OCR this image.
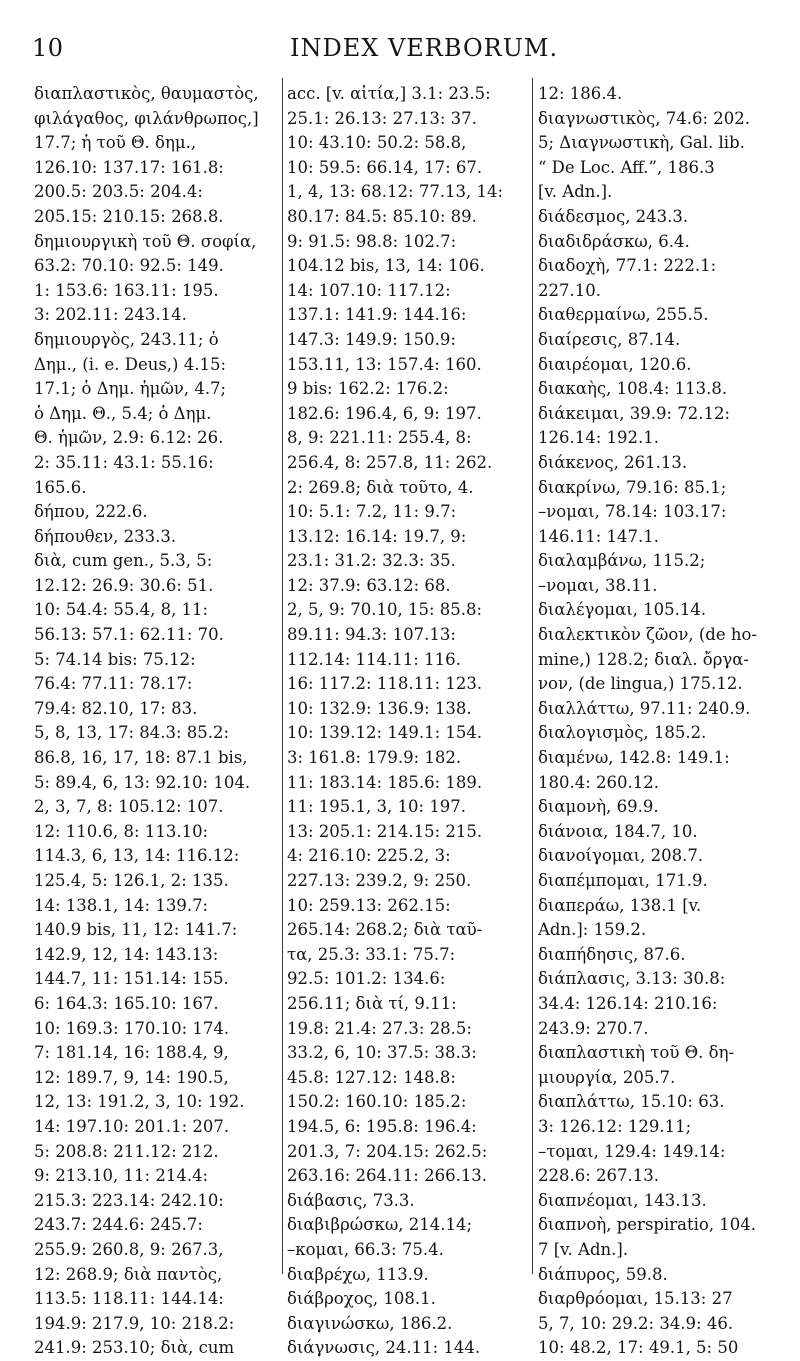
10	INDEX VERBORUM.
διαπλαστικὸς, θαυμαστὸς,
φιλάγαθος, φιλάνθρωπος,]
17.7; ἡ τοῦ Θ. δημ.,
126.10: 137.17: 161.8:
200.5: 203.5: 204.4:
205.15: 210.15: 268.8.
δημιουργικὴ τοῦ Θ. σοφία,
63.2: 70.10: 92.5: 149.
1: 153.6: 163.11: 195.
3: 202.11: 243.14.
δημιουργὸς, 243.11; ὁ
Δημ., (i. e. Deus,) 4.15:
17.1; ὁ Δημ. ἡμῶν, 4.7;
ὁ Δημ. Θ., 5.4; ὁ Δημ.
Θ. ἡμῶν, 2.9: 6.12: 26.
2: 35.11: 43.1: 55.16:
165.6.
δήπου, 222.6.
δήπουθεν, 233.3.
διὰ, cum gen., 5.3, 5:
12.12: 26.9: 30.6: 51.
10: 54.4: 55.4, 8, 11:
56.13: 57.1: 62.11: 70.
5: 74.14 bis: 75.12:
76.4: 77.11: 78.17:
79.4: 82.10, 17: 83.
5, 8, 13, 17: 84.3: 85.2:
86.8, 16, 17, 18: 87.1 bis,
5: 89.4, 6, 13: 92.10: 104.
2, 3, 7, 8: 105.12: 107.
12: 110.6, 8: 113.10:
114.3, 6, 13, 14: 116.12:
125.4, 5: 126.1, 2: 135.
14: 138.1, 14: 139.7:
140.9 bis, 11, 12: 141.7:
142.9, 12, 14: 143.13:
144.7, 11: 151.14: 155.
6: 164.3: 165.10: 167.
10: 169.3: 170.10: 174.
7: 181.14, 16: 188.4, 9,
12: 189.7, 9, 14: 190.5,
12, 13: 191.2, 3, 10: 192.
14: 197.10: 201.1: 207.
5: 208.8: 211.12: 212.
9: 213.10, 11: 214.4:
215.3: 223.14: 242.10:
243.7: 244.6: 245.7:
255.9: 260.8, 9: 267.3,
12: 268.9; διὰ παντὸς,
113.5: 118.11: 144.14:
194.9: 217.9, 10: 218.2:
241.9: 253.10; διὰ, cum
acc. [v. αἰτία,] 3.1: 23.5:
25.1: 26.13: 27.13: 37.
10: 43.10: 50.2: 58.8,
10: 59.5: 66.14, 17: 67.
1, 4, 13: 68.12: 77.13, 14:
80.17: 84.5: 85.10: 89.
9: 91.5: 98.8: 102.7:
104.12 bis, 13, 14: 106.
14: 107.10: 117.12:
137.1: 141.9: 144.16:
147.3: 149.9: 150.9:
153.11, 13: 157.4: 160.
9 bis: 162.2: 176.2:
182.6: 196.4, 6, 9: 197.
8, 9: 221.11: 255.4, 8:
256.4, 8: 257.8, 11: 262.
2: 269.8; διὰ τοῦτο, 4.
10: 5.1: 7.2, 11: 9.7:
13.12: 16.14: 19.7, 9:
23.1: 31.2: 32.3: 35.
12: 37.9: 63.12: 68.
2, 5, 9: 70.10, 15: 85.8:
89.11: 94.3: 107.13:
112.14: 114.11: 116.
16: 117.2: 118.11: 123.
10: 132.9: 136.9: 138.
10: 139.12: 149.1: 154.
3: 161.8: 179.9: 182.
11: 183.14: 185.6: 189.
11: 195.1, 3, 10: 197.
13: 205.1: 214.15: 215.
4: 216.10: 225.2, 3:
227.13: 239.2, 9: 250.
10: 259.13: 262.15:
265.14: 268.2; διὰ ταῦ-
τα, 25.3: 33.1: 75.7:
92.5: 101.2: 134.6:
256.11; διὰ τί, 9.11:
19.8: 21.4: 27.3: 28.5:
33.2, 6, 10: 37.5: 38.3:
45.8: 127.12: 148.8:
150.2: 160.10: 185.2:
194.5, 6: 195.8: 196.4:
201.3, 7: 204.15: 262.5:
263.16: 264.11: 266.13.
διάβασις, 73.3.
διαβιβρώσκω, 214.14;
–κομαι, 66.3: 75.4.
διαβρέχω, 113.9.
διάβροχος, 108.1.
διαγινώσκω, 186.2.
διάγνωσις, 24.11: 144.
12: 186.4.
διαγνωστικὸς, 74.6: 202.
5; Διαγνωστικὴ, Gal. lib.
“ De Loc. Aff.”, 186.3
[v. Adn.].
διάδεσμος, 243.3.
διαδιδράσκω, 6.4.
διαδοχὴ, 77.1: 222.1:
227.10.
διαθερμαίνω, 255.5.
διαίρεσις, 87.14.
διαιρέομαι, 120.6.
διακαὴς, 108.4: 113.8.
διάκειμαι, 39.9: 72.12:
126.14: 192.1.
διάκενος, 261.13.
διακρίνω, 79.16: 85.1;
–νομαι, 78.14: 103.17:
146.11: 147.1.
διαλαμβάνω, 115.2;
–νομαι, 38.11.
διαλέγομαι, 105.14.
διαλεκτικὸν ζῶον, (de ho-
mine,) 128.2; διαλ. ὄργα-
νον, (de lingua,) 175.12.
διαλλάττω, 97.11: 240.9.
διαλογισμὸς, 185.2.
διαμένω, 142.8: 149.1:
180.4: 260.12.
διαμονὴ, 69.9.
διάνοια, 184.7, 10.
διανοίγομαι, 208.7.
διαπέμπομαι, 171.9.
διαπεράω, 138.1 [v.
Adn.]: 159.2.
διαπήδησις, 87.6.
διάπλασις, 3.13: 30.8:
34.4: 126.14: 210.16:
243.9: 270.7.
διαπλαστικὴ τοῦ Θ. δη-
μιουργία, 205.7.
διαπλάττω, 15.10: 63.
3: 126.12: 129.11;
–τομαι, 129.4: 149.14:
228.6: 267.13.
διαπνέομαι, 143.13.
διαπνοὴ, perspiratio, 104.
7 [v. Adn.].
διάπυρος, 59.8.
διαρθρόομαι, 15.13: 27
5, 7, 10: 29.2: 34.9: 46.
10: 48.2, 17: 49.1, 5: 50
